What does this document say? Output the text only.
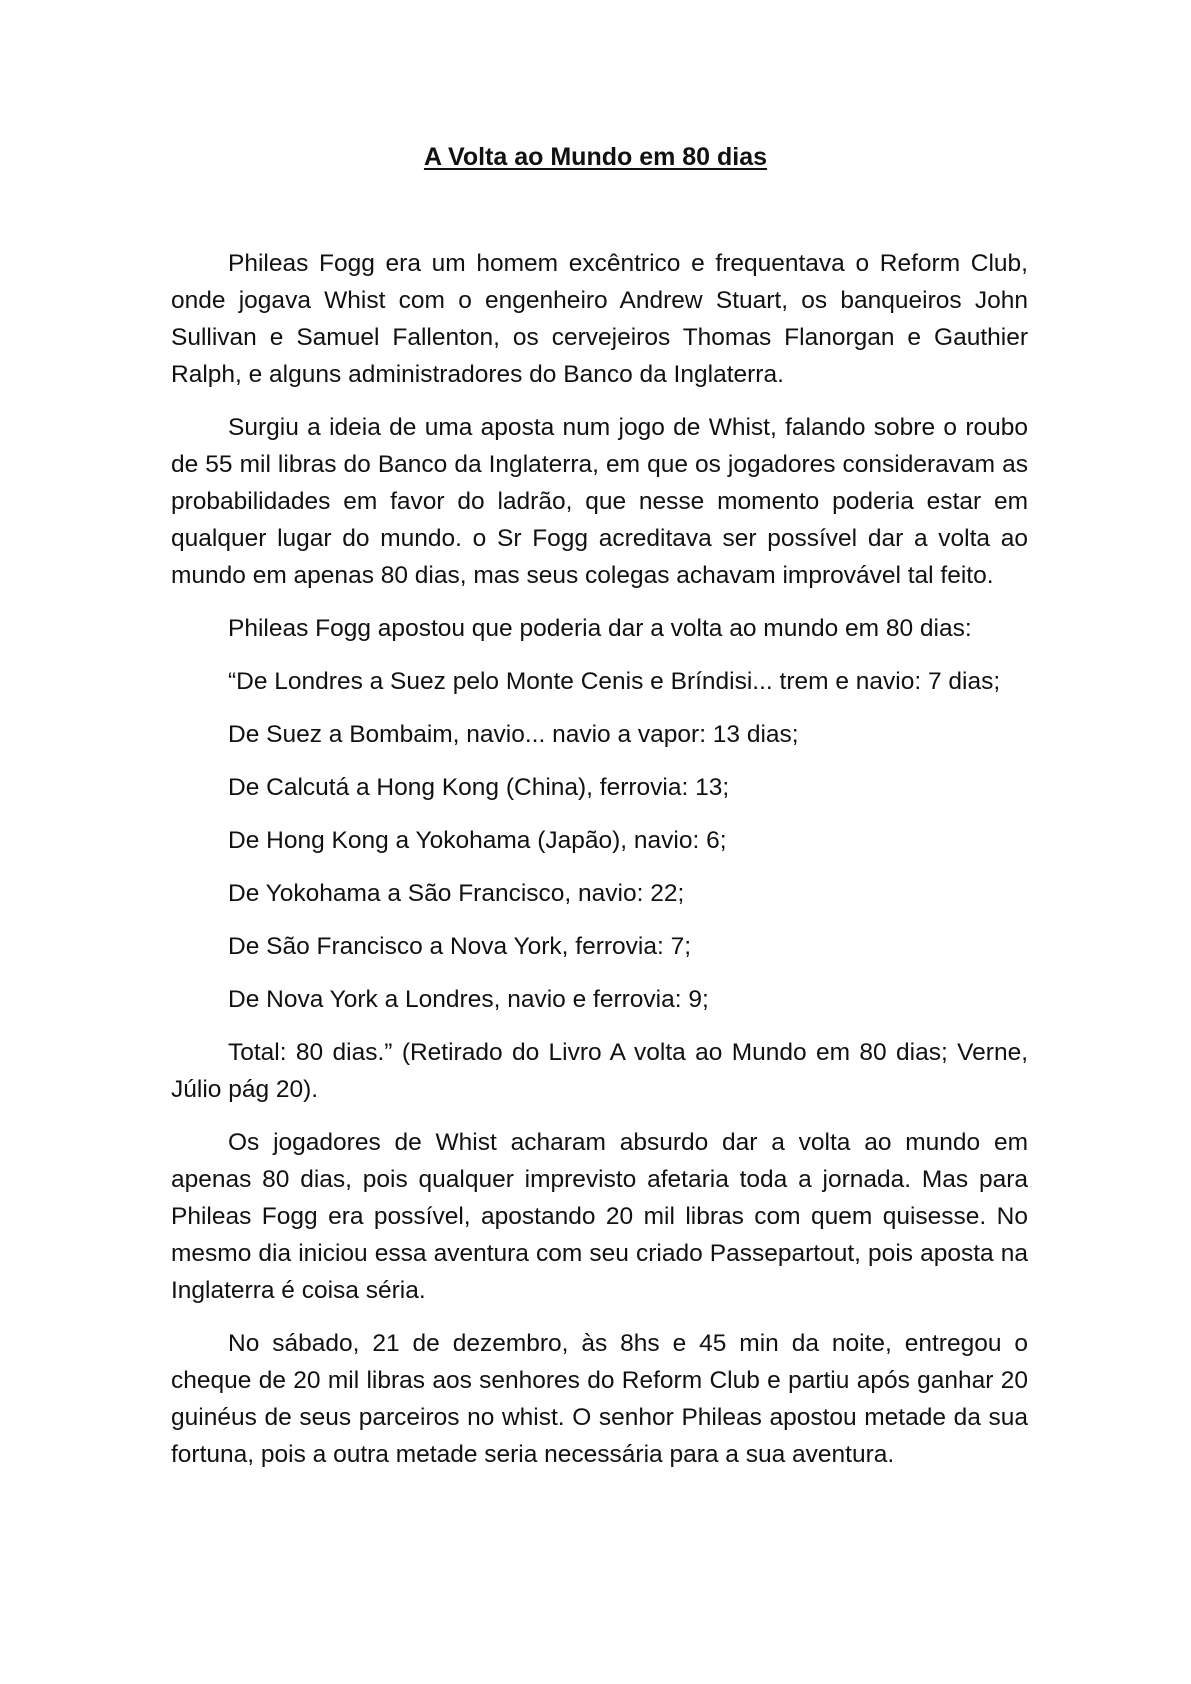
A Volta ao Mundo em 80 dias

Phileas Fogg era um homem excêntrico e frequentava o Reform Club, onde jogava Whist com o engenheiro Andrew Stuart, os banqueiros John Sullivan e Samuel Fallenton, os cervejeiros Thomas Flanorgan e Gauthier Ralph, e alguns administradores do Banco da Inglaterra.

Surgiu a ideia de uma aposta num jogo de Whist, falando sobre o roubo de 55 mil libras do Banco da Inglaterra, em que os jogadores consideravam as probabilidades em favor do ladrão, que nesse momento poderia estar em qualquer lugar do mundo. o Sr Fogg acreditava ser possível dar a volta ao mundo em apenas 80 dias, mas seus colegas achavam improvável tal feito.

Phileas Fogg apostou que poderia dar a volta ao mundo em 80 dias:

“De Londres a Suez pelo Monte Cenis e Bríndisi... trem e navio: 7 dias;

De Suez a Bombaim, navio... navio a vapor: 13 dias;

De Calcutá a Hong Kong (China), ferrovia: 13;

De Hong Kong a Yokohama (Japão), navio: 6;

De Yokohama a São Francisco, navio: 22;

De São Francisco a Nova York, ferrovia: 7;

De Nova York a Londres, navio e ferrovia: 9;

Total: 80 dias.” (Retirado do Livro A volta ao Mundo em 80 dias; Verne, Júlio pág 20).

Os jogadores de Whist acharam absurdo dar a volta ao mundo em apenas 80 dias, pois qualquer imprevisto afetaria toda a jornada. Mas para Phileas Fogg era possível, apostando 20 mil libras com quem quisesse. No mesmo dia iniciou essa aventura com seu criado Passepartout, pois aposta na Inglaterra é coisa séria.

No sábado, 21 de dezembro, às 8hs e 45 min da noite, entregou o cheque de 20 mil libras aos senhores do Reform Club e partiu após ganhar 20 guinéus de seus parceiros no whist. O senhor Phileas apostou metade da sua fortuna, pois a outra metade seria necessária para a sua aventura.
